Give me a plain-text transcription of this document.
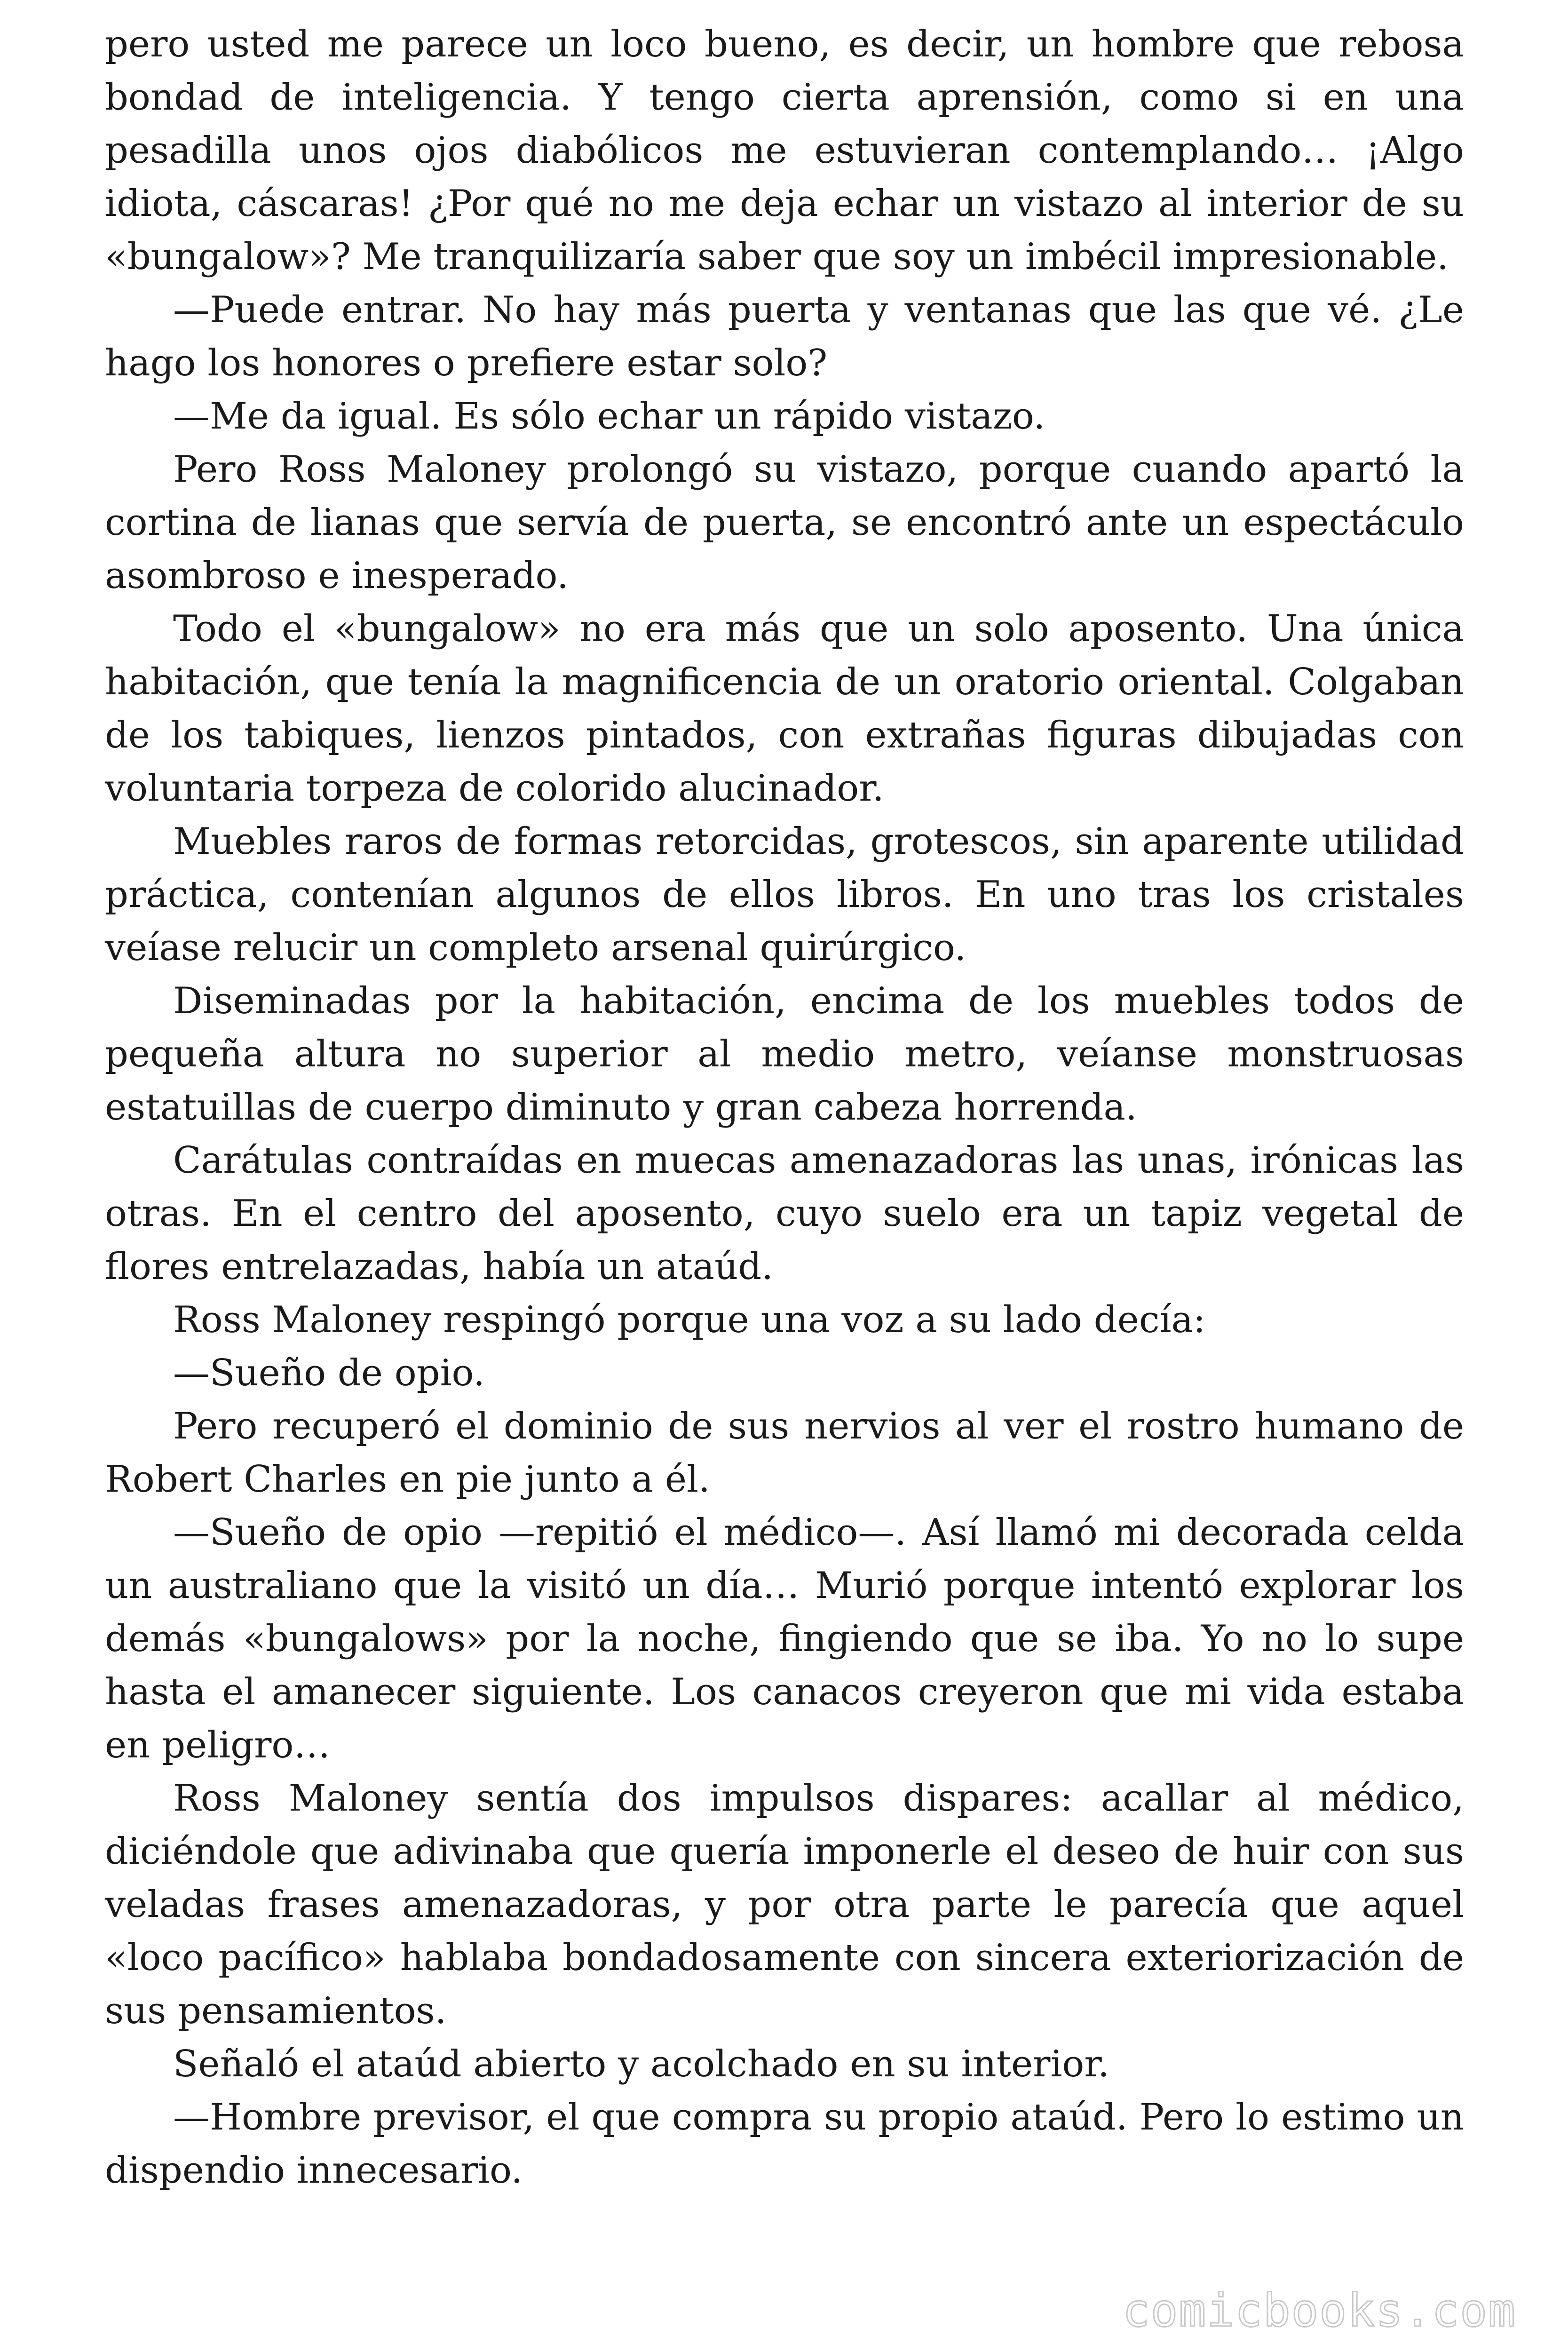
pero usted me parece un loco bueno, es decir, un hombre que rebosa bondad de inteligencia. Y tengo cierta aprensión, como si en una pesadilla unos ojos diabólicos me estuvieran contemplando… ¡Algo idiota, cáscaras! ¿Por qué no me deja echar un vistazo al interior de su «bungalow»? Me tranquilizaría saber que soy un imbécil impresionable.

—Puede entrar. No hay más puerta y ventanas que las que vé. ¿Le hago los honores o prefiere estar solo?

—Me da igual. Es sólo echar un rápido vistazo.

Pero Ross Maloney prolongó su vistazo, porque cuando apartó la cortina de lianas que servía de puerta, se encontró ante un espectáculo asombroso e inesperado.

Todo el «bungalow» no era más que un solo aposento. Una única habitación, que tenía la magnificencia de un oratorio oriental. Colgaban de los tabiques, lienzos pintados, con extrañas figuras dibujadas con voluntaria torpeza de colorido alucinador.

Muebles raros de formas retorcidas, grotescos, sin aparente utilidad práctica, contenían algunos de ellos libros. En uno tras los cristales veíase relucir un completo arsenal quirúrgico.

Diseminadas por la habitación, encima de los muebles todos de pequeña altura no superior al medio metro, veíanse monstruosas estatuillas de cuerpo diminuto y gran cabeza horrenda.

Carátulas contraídas en muecas amenazadoras las unas, irónicas las otras. En el centro del aposento, cuyo suelo era un tapiz vegetal de flores entrelazadas, había un ataúd.

Ross Maloney respingó porque una voz a su lado decía:

—Sueño de opio.

Pero recuperó el dominio de sus nervios al ver el rostro humano de Robert Charles en pie junto a él.

—Sueño de opio —repitió el médico—. Así llamó mi decorada celda un australiano que la visitó un día… Murió porque intentó explorar los demás «bungalows» por la noche, fingiendo que se iba. Yo no lo supe hasta el amanecer siguiente. Los canacos creyeron que mi vida estaba en peligro…

Ross Maloney sentía dos impulsos dispares: acallar al médico, diciéndole que adivinaba que quería imponerle el deseo de huir con sus veladas frases amenazadoras, y por otra parte le parecía que aquel «loco pacífico» hablaba bondadosamente con sincera exteriorización de sus pensamientos.

Señaló el ataúd abierto y acolchado en su interior.

—Hombre previsor, el que compra su propio ataúd. Pero lo estimo un dispendio innecesario.

comicbooks.com
